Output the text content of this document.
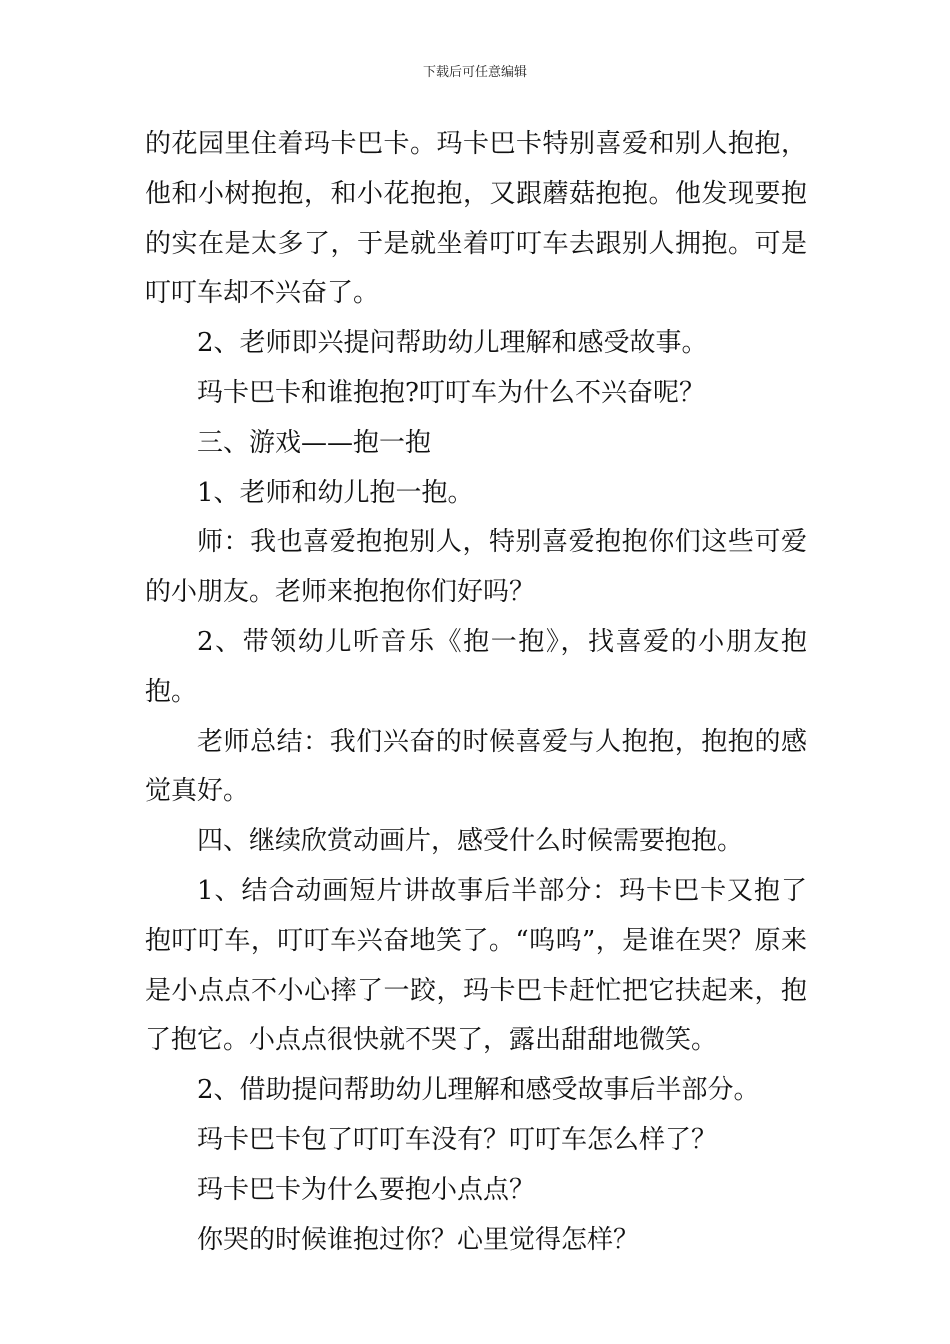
下载后可任意编辑

的花园里住着玛卡巴卡。玛卡巴卡特别喜爱和别人抱抱，他和小树抱抱，和小花抱抱，又跟蘑菇抱抱。他发现要抱的实在是太多了，于是就坐着叮叮车去跟别人拥抱。可是叮叮车却不兴奋了。

2、老师即兴提问帮助幼儿理解和感受故事。

玛卡巴卡和谁抱抱?叮叮车为什么不兴奋呢？

三、游戏——抱一抱

1、老师和幼儿抱一抱。

师：我也喜爱抱抱别人，特别喜爱抱抱你们这些可爱的小朋友。老师来抱抱你们好吗？

2、带领幼儿听音乐《抱一抱》，找喜爱的小朋友抱抱。

老师总结：我们兴奋的时候喜爱与人抱抱，抱抱的感觉真好。

四、继续欣赏动画片，感受什么时候需要抱抱。

1、结合动画短片讲故事后半部分：玛卡巴卡又抱了抱叮叮车，叮叮车兴奋地笑了。“呜呜”，是谁在哭？原来是小点点不小心摔了一跤，玛卡巴卡赶忙把它扶起来，抱了抱它。小点点很快就不哭了，露出甜甜地微笑。

2、借助提问帮助幼儿理解和感受故事后半部分。

玛卡巴卡包了叮叮车没有？叮叮车怎么样了？

玛卡巴卡为什么要抱小点点？

你哭的时候谁抱过你？心里觉得怎样？
